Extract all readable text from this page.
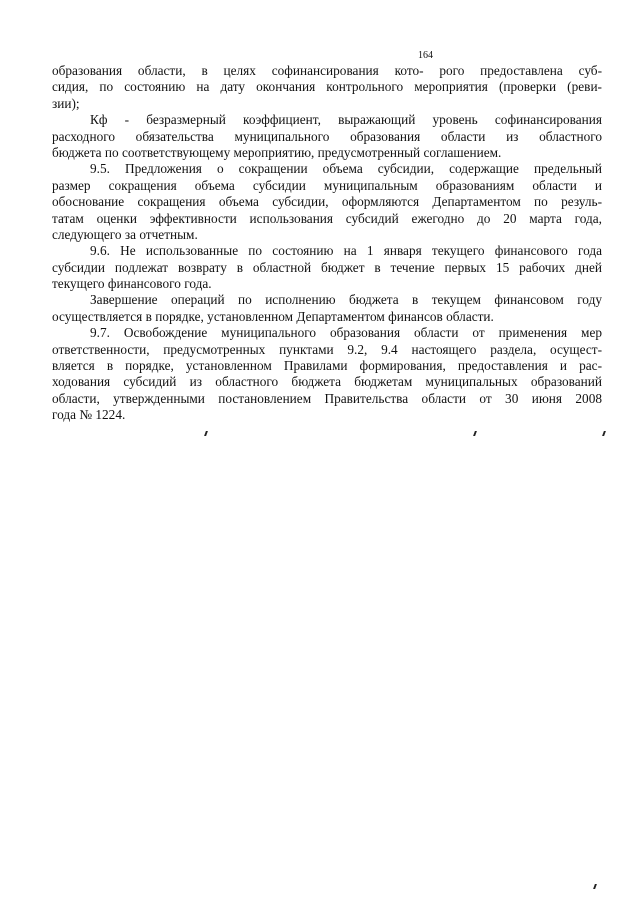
164
образования области, в целях софинансирования кото- рого предоставлена суб-
сидия, по состоянию на дату окончания контрольного мероприятия (проверки (реви-
зии);
Кф - безразмерный коэффициент, выражающий уровень софинансирования
расходного обязательства муниципального образования области из областного
бюджета по соответствующему мероприятию, предусмотренный соглашением.
9.5. Предложения о сокращении объема субсидии, содержащие предельный
размер сокращения объема субсидии муниципальным образованиям области и
обоснование сокращения объема субсидии, оформляются Департаментом по резуль-
татам оценки эффективности использования субсидий ежегодно до 20 марта года,
следующего за отчетным.
9.6. Не использованные по состоянию на 1 января текущего финансового года
субсидии подлежат возврату в областной бюджет в течение первых 15 рабочих дней
текущего финансового года.
Завершение операций по исполнению бюджета в текущем финансовом году
осуществляется в порядке, установленном Департаментом финансов области.
9.7. Освобождение муниципального образования области от применения мер
ответственности, предусмотренных пунктами 9.2, 9.4 настоящего раздела, осущест-
вляется в порядке, установленном Правилами формирования, предоставления и рас-
ходования субсидий из областного бюджета бюджетам муниципальных образований
области, утвержденными постановлением Правительства области от 30 июня 2008
года № 1224.
